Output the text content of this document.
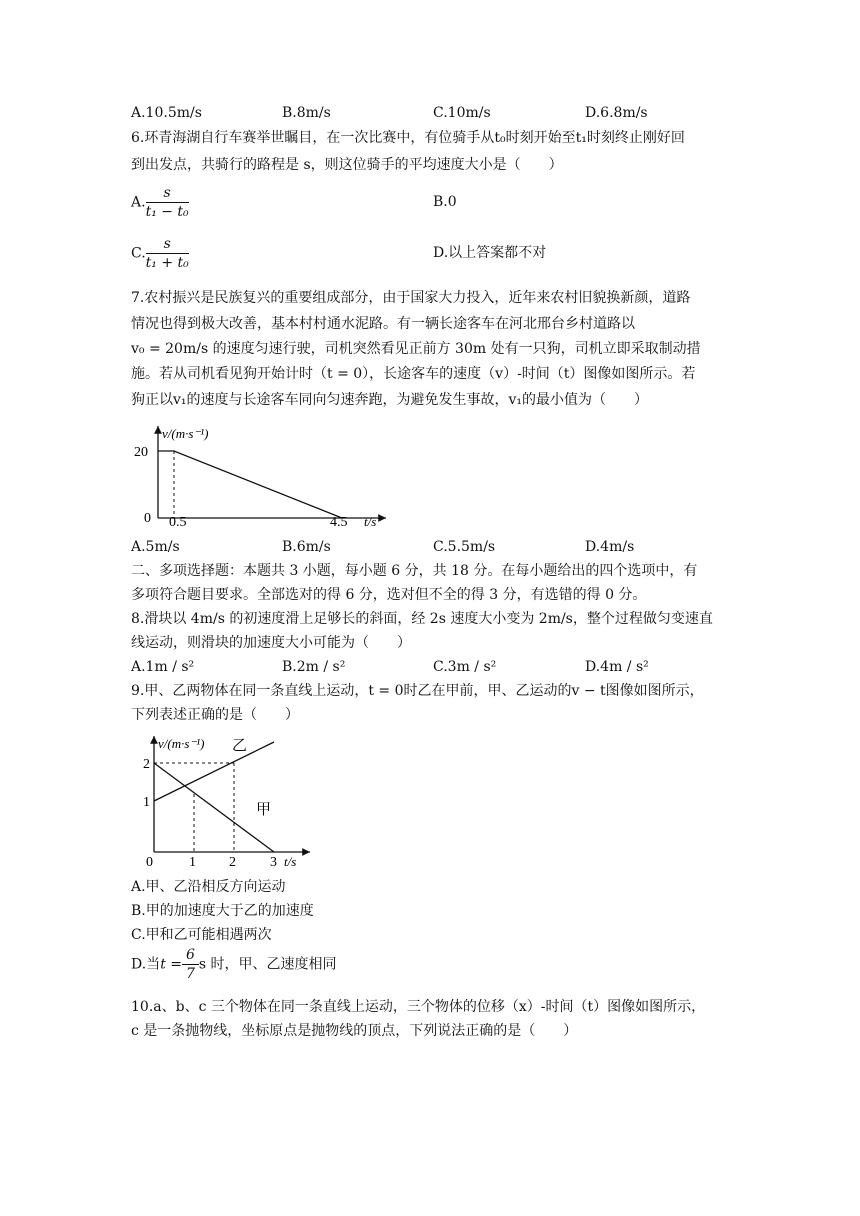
A.10.5m/s	B.8m/s	C.10m/s	D.6.8m/s
6.环青海湖自行车赛举世瞩目，在一次比赛中，有位骑手从t₀时刻开始至t₁时刻终止刚好回
到出发点，共骑行的路程是 s，则这位骑手的平均速度大小是（　　）
A. $\frac{s}{\text{t₁ − t₀}}$	B.0
C. $\frac{s}{\text{t₁ + t₀}}$	D.以上答案都不对
7.农村振兴是民族复兴的重要组成部分，由于国家大力投入，近年来农村旧貌换新颜，道路
情况也得到极大改善，基本村村通水泥路。有一辆长途客车在河北邢台乡村道路以
v₀ = 20m/s 的速度匀速行驶，司机突然看见正前方 30m 处有一只狗，司机立即采取制动措
施。若从司机看见狗开始计时（t = 0），长途客车的速度（v）-时间（t）图像如图所示。若
狗正以v₁的速度与长途客车同向匀速奔跑，为避免发生事故，v₁的最小值为（　　）
v/(m·s⁻¹)
20
0 0.5	4.5 t/s
A.5m/s	B.6m/s	C.5.5m/s	D.4m/s
二、多项选择题：本题共 3 小题，每小题 6 分，共 18 分。在每小题给出的四个选项中，有
多项符合题目要求。全部选对的得 6 分，选对但不全的得 3 分，有选错的得 0 分。
8.滑块以 4m/s 的初速度滑上足够长的斜面，经 2s 速度大小变为 2m/s，整个过程做匀变速直
线运动，则滑块的加速度大小可能为（　　）
A.1m / s²	B.2m / s²	C.3m / s²	D.4m / s²
9.甲、乙两物体在同一条直线上运动，t = 0时乙在甲前，甲、乙运动的v − t图像如图所示，
下列表述正确的是（　　）
v/(m·s⁻¹) 乙
甲
2
1
0	1 2 3 t/s
A.甲、乙沿相反方向运动
B.甲的加速度大于乙的加速度
C.甲和乙可能相遇两次
D.当$t = \frac{6}{7}$ s 时，甲、乙速度相同
10.a、b、c 三个物体在同一条直线上运动，三个物体的位移（x）-时间（t）图像如图所示，
c 是一条抛物线，坐标原点是抛物线的顶点，下列说法正确的是（　　）
